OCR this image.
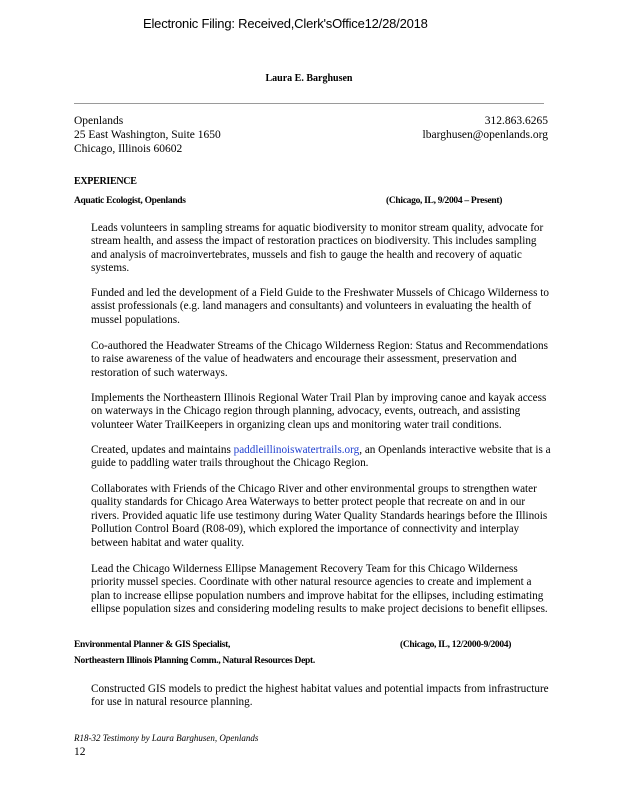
Electronic Filing: Received,Clerk'sOffice12/28/2018
Laura E. Barghusen
Openlands
25 East Washington, Suite 1650
Chicago, Illinois 60602
312.863.6265
lbarghusen@openlands.org
EXPERIENCE
Aquatic Ecologist, Openlands	(Chicago, IL, 9/2004 – Present)
Leads volunteers in sampling streams for aquatic biodiversity to monitor stream quality, advocate for stream health, and assess the impact of restoration practices on biodiversity. This includes sampling and analysis of macroinvertebrates, mussels and fish to gauge the health and recovery of aquatic systems.
Funded and led the development of a Field Guide to the Freshwater Mussels of Chicago Wilderness to assist professionals (e.g. land managers and consultants) and volunteers in evaluating the health of mussel populations.
Co-authored the Headwater Streams of the Chicago Wilderness Region: Status and Recommendations to raise awareness of the value of headwaters and encourage their assessment, preservation and restoration of such waterways.
Implements the Northeastern Illinois Regional Water Trail Plan by improving canoe and kayak access on waterways in the Chicago region through planning, advocacy, events, outreach, and assisting volunteer Water TrailKeepers in organizing clean ups and monitoring water trail conditions.
Created, updates and maintains paddleillinoiswatertrails.org, an Openlands interactive website that is a guide to paddling water trails throughout the Chicago Region.
Collaborates with Friends of the Chicago River and other environmental groups to strengthen water quality standards for Chicago Area Waterways to better protect people that recreate on and in our rivers. Provided aquatic life use testimony during Water Quality Standards hearings before the Illinois Pollution Control Board (R08-09), which explored the importance of connectivity and interplay between habitat and water quality.
Lead the Chicago Wilderness Ellipse Management Recovery Team for this Chicago Wilderness priority mussel species. Coordinate with other natural resource agencies to create and implement a plan to increase ellipse population numbers and improve habitat for the ellipses, including estimating ellipse population sizes and considering modeling results to make project decisions to benefit ellipses.
Environmental Planner & GIS Specialist,	(Chicago, IL, 12/2000-9/2004)
Northeastern Illinois Planning Comm., Natural Resources Dept.
Constructed GIS models to predict the highest habitat values and potential impacts from infrastructure for use in natural resource planning.
R18-32 Testimony by Laura Barghusen, Openlands
12
